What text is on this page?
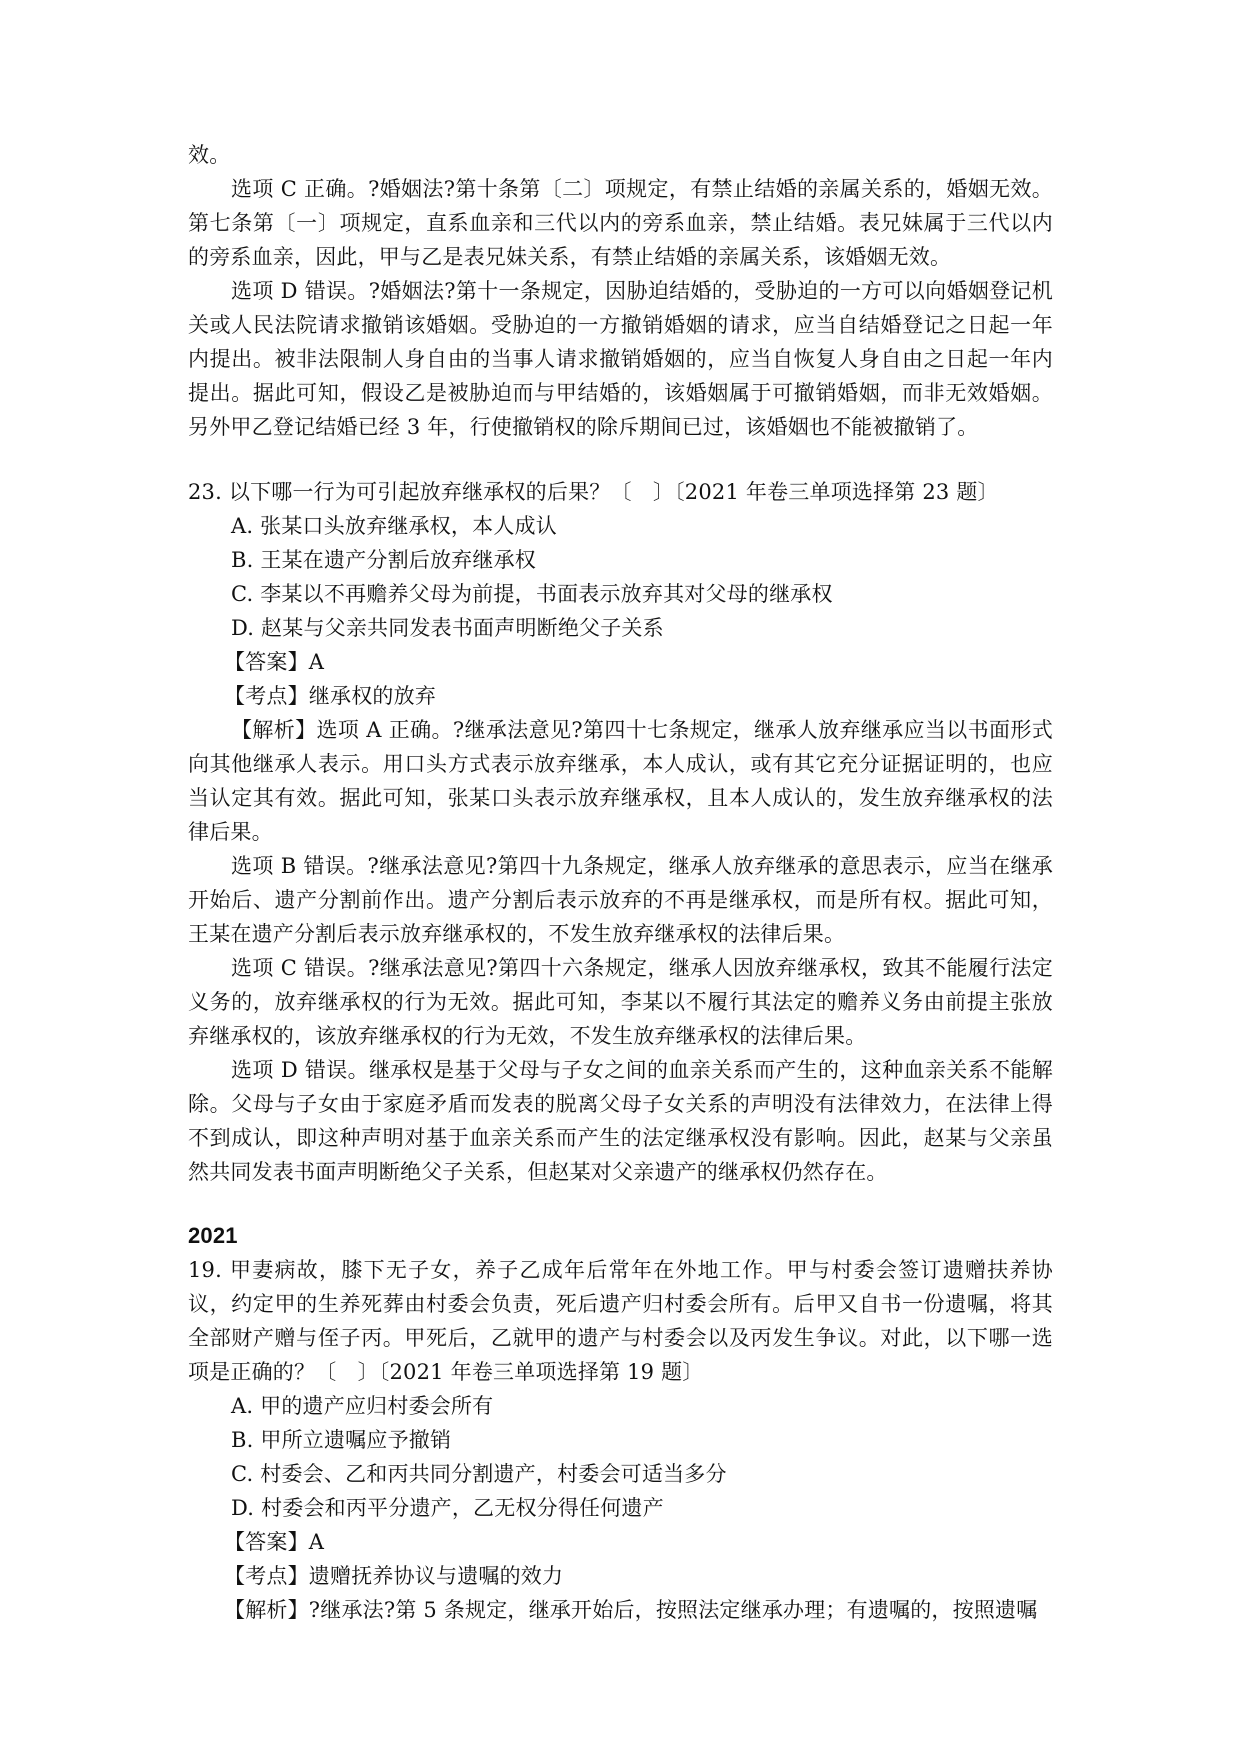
效。

选项 C 正确。?婚姻法?第十条第〔二〕项规定，有禁止结婚的亲属关系的，婚姻无效。第七条第〔一〕项规定，直系血亲和三代以内的旁系血亲，禁止结婚。表兄妹属于三代以内的旁系血亲，因此，甲与乙是表兄妹关系，有禁止结婚的亲属关系，该婚姻无效。

选项 D 错误。?婚姻法?第十一条规定，因胁迫结婚的，受胁迫的一方可以向婚姻登记机关或人民法院请求撤销该婚姻。受胁迫的一方撤销婚姻的请求，应当自结婚登记之日起一年内提出。被非法限制人身自由的当事人请求撤销婚姻的，应当自恢复人身自由之日起一年内提出。据此可知，假设乙是被胁迫而与甲结婚的，该婚姻属于可撤销婚姻，而非无效婚姻。另外甲乙登记结婚已经 3 年，行使撤销权的除斥期间已过，该婚姻也不能被撤销了。

23. 以下哪一行为可引起放弃继承权的后果？〔　〕〔2021 年卷三单项选择第 23 题〕

A. 张某口头放弃继承权，本人成认
B. 王某在遗产分割后放弃继承权
C. 李某以不再赡养父母为前提，书面表示放弃其对父母的继承权
D. 赵某与父亲共同发表书面声明断绝父子关系
【答案】A
【考点】继承权的放弃

【解析】选项 A 正确。?继承法意见?第四十七条规定，继承人放弃继承应当以书面形式向其他继承人表示。用口头方式表示放弃继承，本人成认，或有其它充分证据证明的，也应当认定其有效。据此可知，张某口头表示放弃继承权，且本人成认的，发生放弃继承权的法律后果。

选项 B 错误。?继承法意见?第四十九条规定，继承人放弃继承的意思表示，应当在继承开始后、遗产分割前作出。遗产分割后表示放弃的不再是继承权，而是所有权。据此可知，王某在遗产分割后表示放弃继承权的，不发生放弃继承权的法律后果。

选项 C 错误。?继承法意见?第四十六条规定，继承人因放弃继承权，致其不能履行法定义务的，放弃继承权的行为无效。据此可知，李某以不履行其法定的赡养义务由前提主张放弃继承权的，该放弃继承权的行为无效，不发生放弃继承权的法律后果。

选项 D 错误。继承权是基于父母与子女之间的血亲关系而产生的，这种血亲关系不能解除。父母与子女由于家庭矛盾而发表的脱离父母子女关系的声明没有法律效力，在法律上得不到成认，即这种声明对基于血亲关系而产生的法定继承权没有影响。因此，赵某与父亲虽然共同发表书面声明断绝父子关系，但赵某对父亲遗产的继承权仍然存在。

2021

19. 甲妻病故，膝下无子女，养子乙成年后常年在外地工作。甲与村委会签订遗赠扶养协议，约定甲的生养死葬由村委会负责，死后遗产归村委会所有。后甲又自书一份遗嘱，将其全部财产赠与侄子丙。甲死后，乙就甲的遗产与村委会以及丙发生争议。对此，以下哪一选项是正确的？〔　〕〔2021 年卷三单项选择第 19 题〕

A. 甲的遗产应归村委会所有
B. 甲所立遗嘱应予撤销
C. 村委会、乙和丙共同分割遗产，村委会可适当多分
D. 村委会和丙平分遗产，乙无权分得任何遗产
【答案】A
【考点】遗赠抚养协议与遗嘱的效力
【解析】?继承法?第 5 条规定，继承开始后，按照法定继承办理；有遗嘱的，按照遗嘱
